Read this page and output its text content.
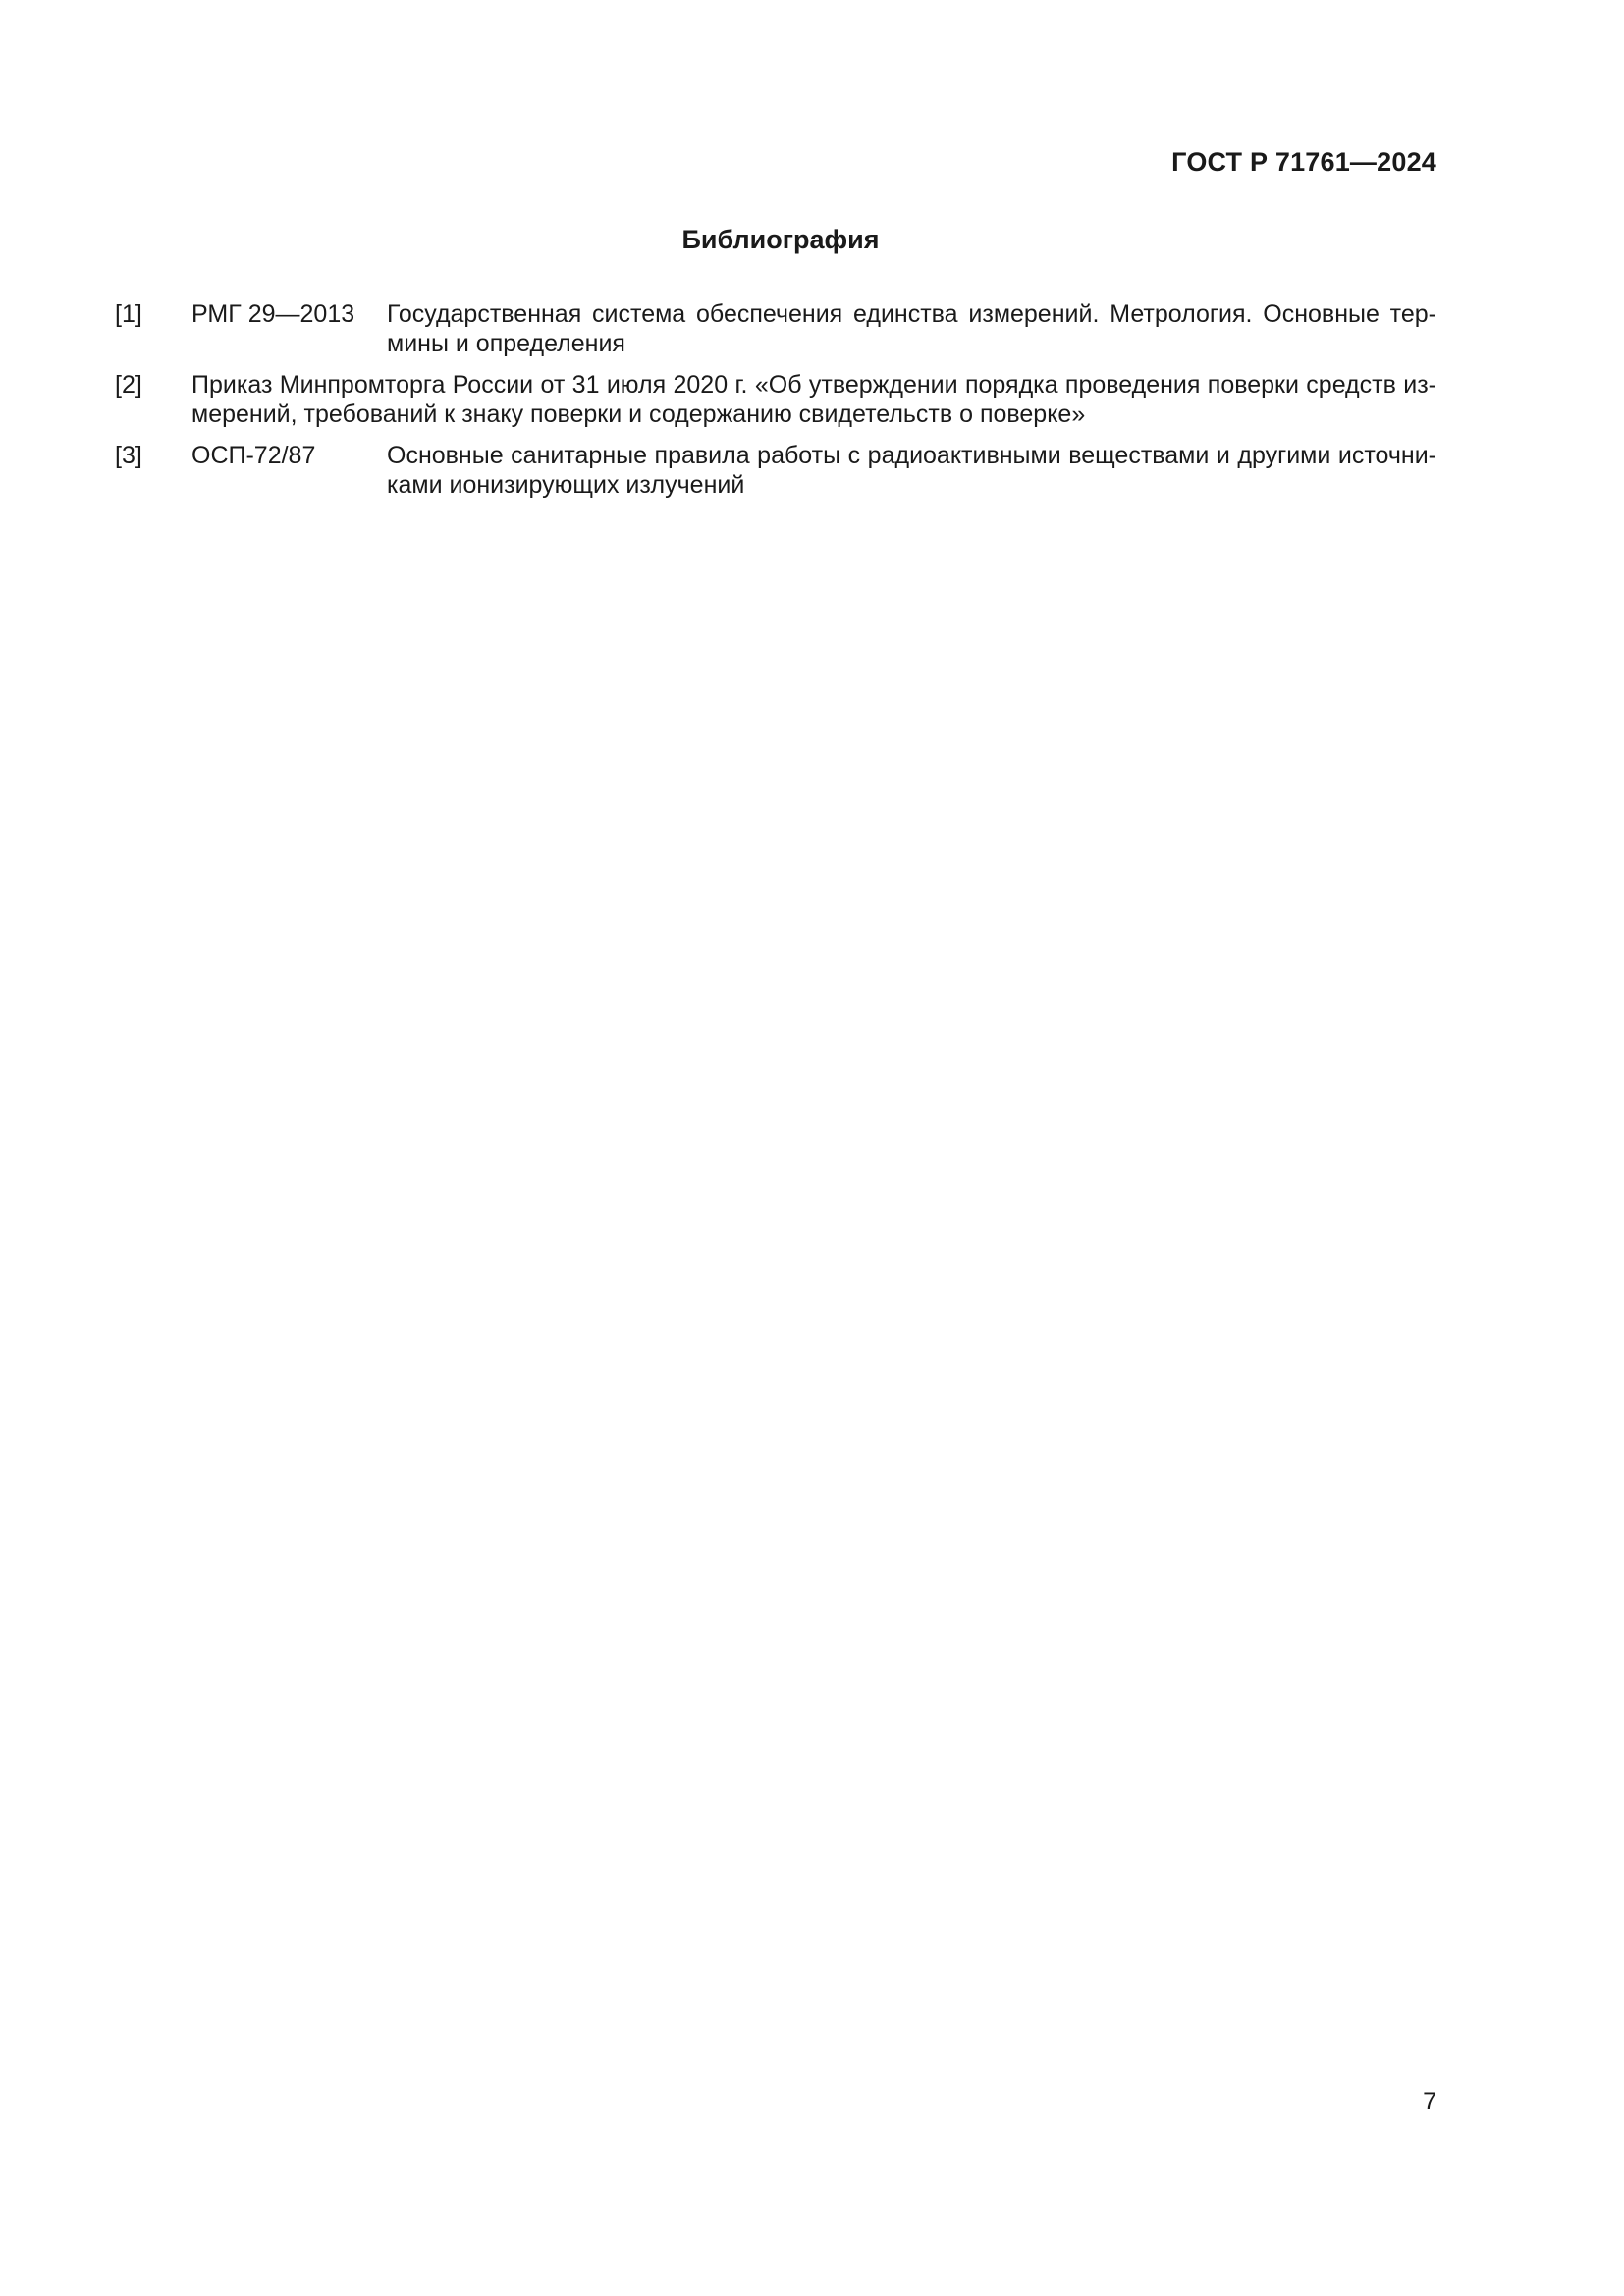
ГОСТ Р 71761—2024
Библиография
[1]	РМГ 29—2013	Государственная система обеспечения единства измерений. Метрология. Основные тер-
мины и определения
[2]	Приказ Минпромторга России от 31 июля 2020 г. «Об утверждении порядка проведения поверки средств из-
мерений, требований к знаку поверки и содержанию свидетельств о поверке»
[3]	ОСП-72/87	Основные санитарные правила работы с радиоактивными веществами и другими источни-
ками ионизирующих излучений
7
